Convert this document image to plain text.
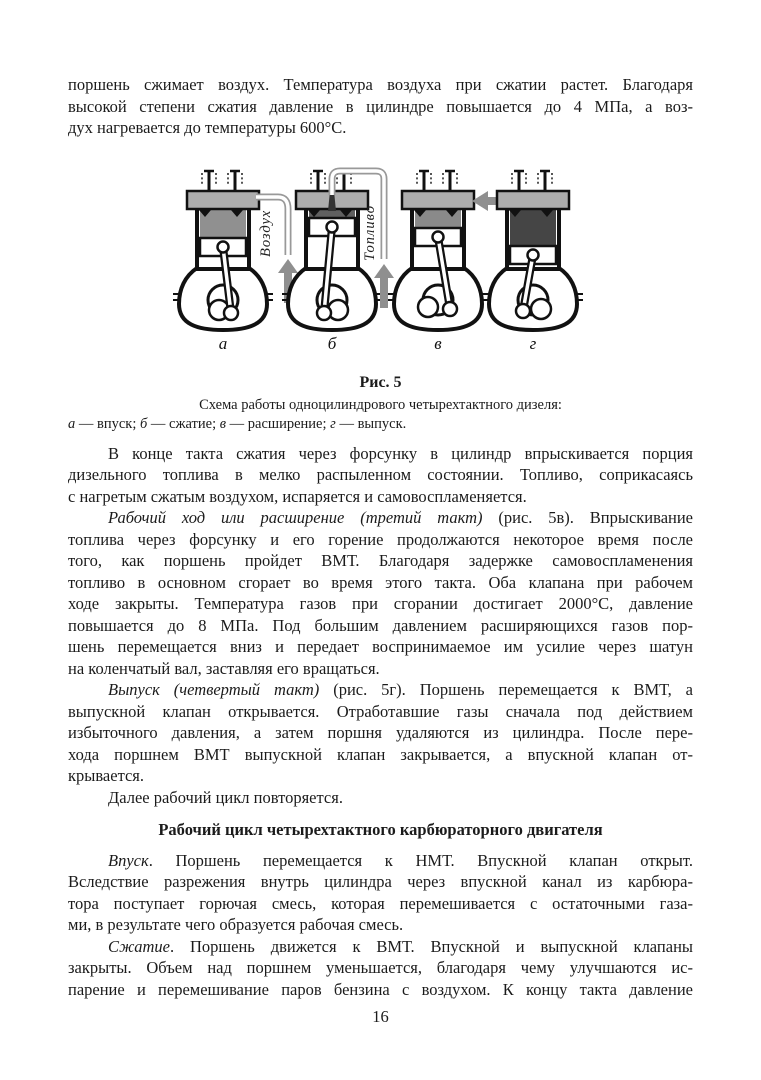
поршень сжимает воздух. Температура воздуха при сжатии растет. Благодаря
высокой степени сжатия давление в цилиндре повышается до 4 МПа, а воз-
дух нагревается до температуры 600°С.
Воздух	Топливо
а	б	в	г
Рис. 5
Схема работы одноцилиндрового четырехтактного дизеля:
а — впуск; б — сжатие; в — расширение; г — выпуск.
В конце такта сжатия через форсунку в цилиндр впрыскивается порция
дизельного топлива в мелко распыленном состоянии. Топливо, соприкасаясь
с нагретым сжатым воздухом, испаряется и самовоспламеняется.
Рабочий ход или расширение (третий такт) (рис. 5в). Впрыскивание
топлива через форсунку и его горение продолжаются некоторое время после
того, как поршень пройдет ВМТ. Благодаря задержке самовоспламенения
топливо в основном сгорает во время этого такта. Оба клапана при рабочем
ходе закрыты. Температура газов при сгорании достигает 2000°С, давление
повышается до 8 МПа. Под большим давлением расширяющихся газов пор-
шень перемещается вниз и передает воспринимаемое им усилие через шатун
на коленчатый вал, заставляя его вращаться.
Выпуск (четвертый такт) (рис. 5г). Поршень перемещается к ВМТ, а
выпускной клапан открывается. Отработавшие газы сначала под действием
избыточного давления, а затем поршня удаляются из цилиндра. После пере-
хода поршнем ВМТ выпускной клапан закрывается, а впускной клапан от-
крывается.
Далее рабочий цикл повторяется.
Рабочий цикл четырехтактного карбюраторного двигателя
Впуск. Поршень перемещается к НМТ. Впускной клапан открыт.
Вследствие разрежения внутрь цилиндра через впускной канал из карбюра-
тора поступает горючая смесь, которая перемешивается с остаточными газа-
ми, в результате чего образуется рабочая смесь.
Сжатие. Поршень движется к ВМТ. Впускной и выпускной клапаны
закрыты. Объем над поршнем уменьшается, благодаря чему улучшаются ис-
парение и перемешивание паров бензина с воздухом. К концу такта давление
16
